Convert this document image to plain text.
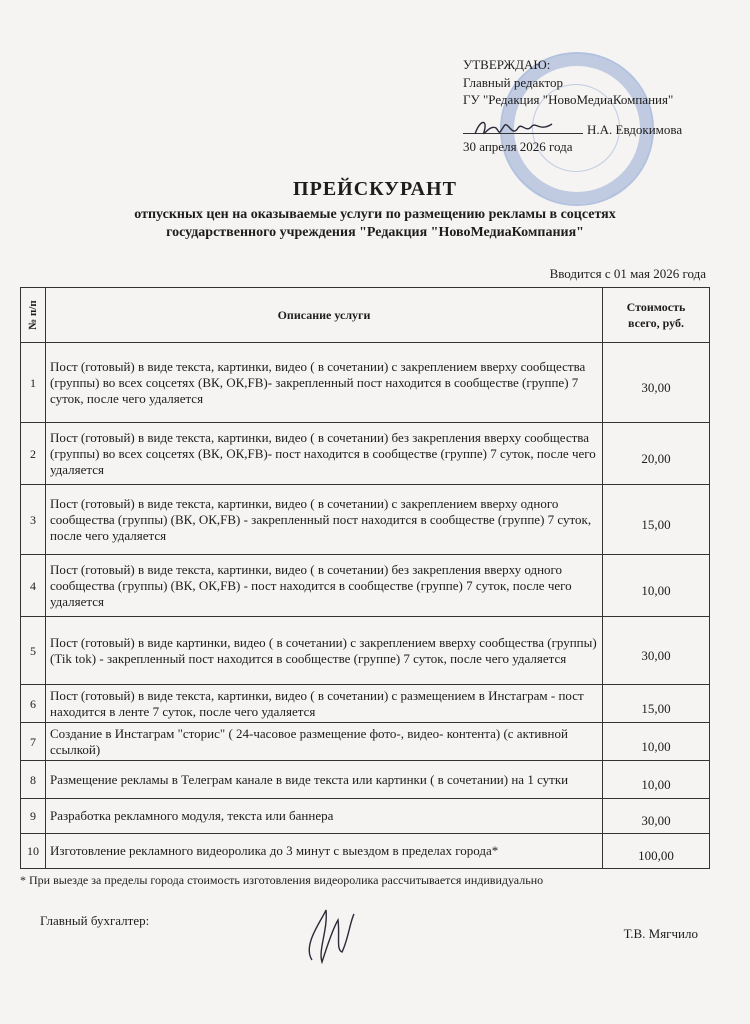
УТВЕРЖДАЮ:
Главный редактор
ГУ "Редакция "НовоМедиаКомпания"
Н.А. Евдокимова
30 апреля 2026 года
ПРЕЙСКУРАНТ
отпускных цен на оказываемые услуги по размещению рекламы в соцсетях
государственного учреждения "Редакция "НовоМедиаКомпания"
Вводится с 01 мая 2026 года
№ п/п	Описание услуги	Стоимость
всего, руб.

1	Пост (готовый) в виде текста, картинки, видео ( в сочетании) с закреплением вверху сообщества (группы) во всех соцсетях (ВК, ОК,FB)- закрепленный пост находится в сообществе (группе) 7 суток, после чего удаляется	30,00
2	Пост (готовый) в виде текста, картинки, видео ( в сочетании) без закрепления вверху сообщества (группы) во всех соцсетях (ВК, ОК,FB)- пост находится в сообществе (группе) 7 суток, после чего удаляется	20,00
3	Пост (готовый) в виде текста, картинки, видео ( в сочетании) с закреплением вверху одного сообщества (группы) (ВК, ОК,FB) - закрепленный пост находится в сообществе (группе) 7 суток, после чего удаляется	15,00
4	Пост (готовый) в виде текста, картинки, видео ( в сочетании) без закрепления вверху одного сообщества (группы) (ВК, ОК,FB) - пост находится в сообществе (группе) 7 суток, после чего удаляется	10,00
5	Пост (готовый) в виде картинки, видео ( в сочетании) с закреплением вверху сообщества (группы) (Tik tok) - закрепленный пост находится в сообществе (группе) 7 суток, после чего удаляется	30,00
6	Пост (готовый) в виде текста, картинки, видео ( в сочетании) с размещением в Инстаграм - пост находится в ленте 7 суток, после чего удаляется	15,00
7	Создание в Инстаграм "сторис" ( 24-часовое размещение фото-, видео- контента) (с активной ссылкой)	10,00
8	Размещение рекламы в Телеграм канале в виде текста или картинки ( в сочетании) на 1 сутки	10,00
9	Разработка рекламного модуля, текста или баннера	30,00
10	Изготовление рекламного видеоролика до 3 минут с выездом в пределах города*	100,00
* При выезде за пределы города стоимость изготовления видеоролика рассчитывается индивидуально
Главный бухгалтер:
Т.В. Мягчило
